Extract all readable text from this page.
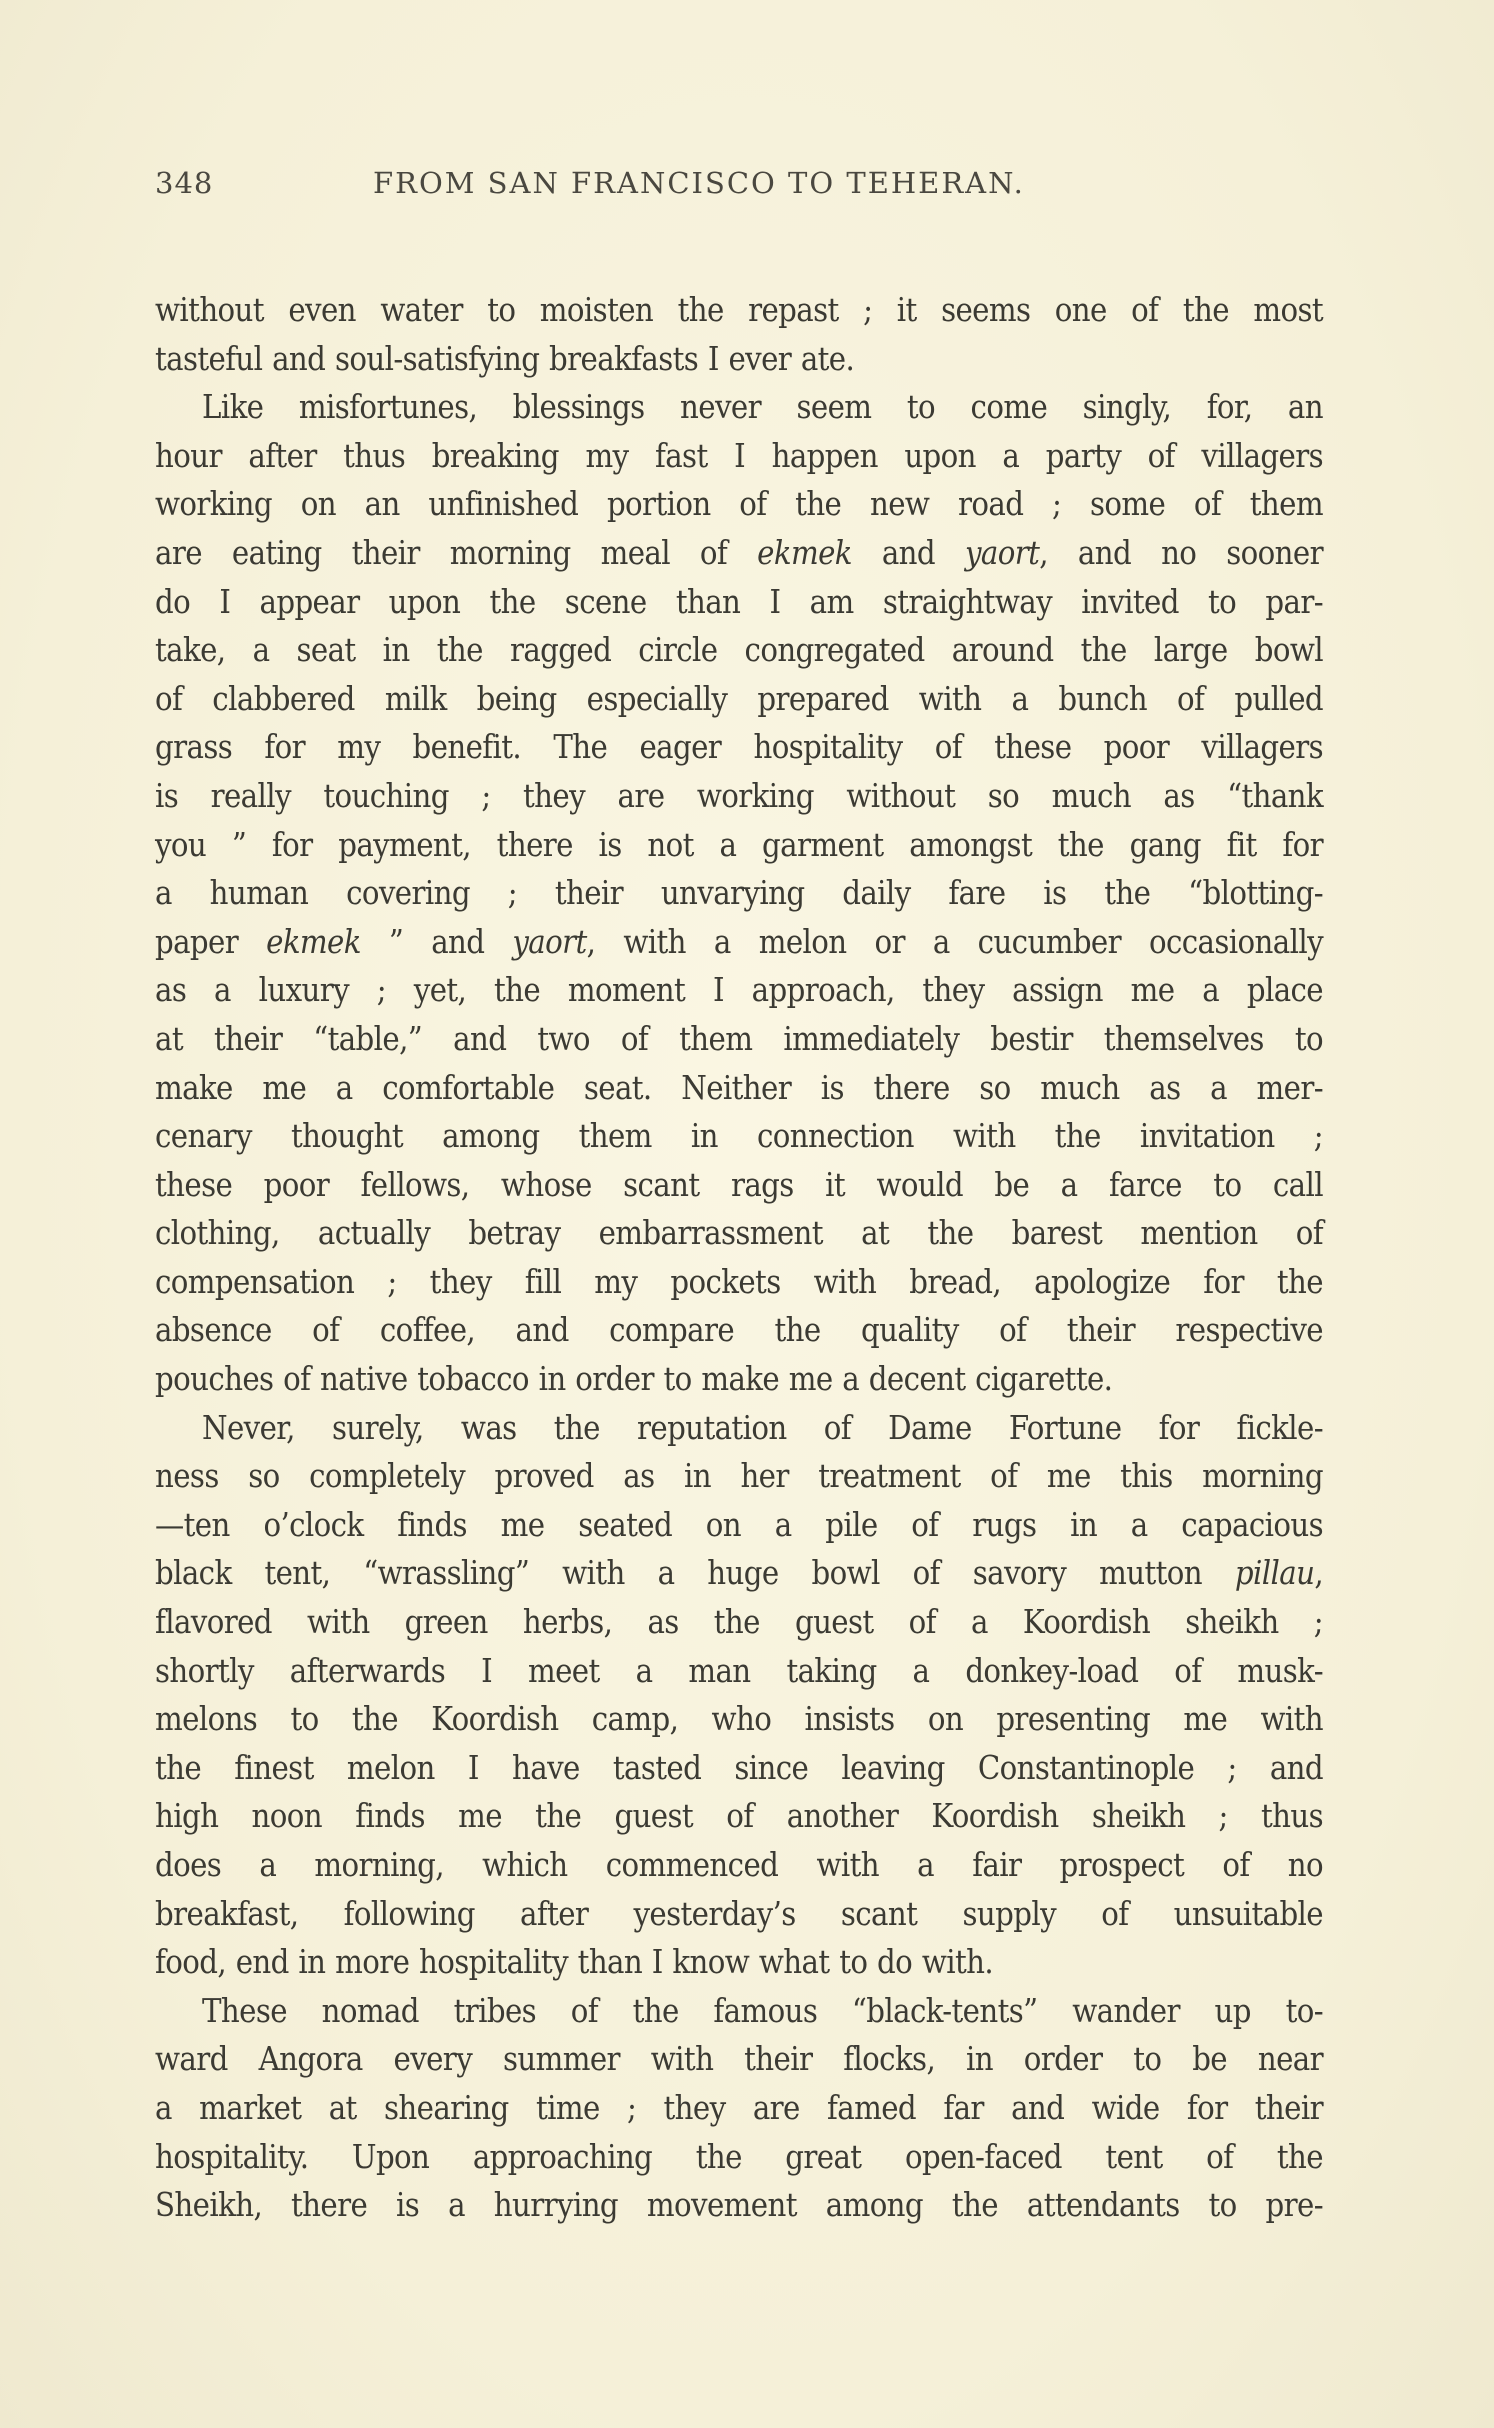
348	FROM SAN FRANCISCO TO TEHERAN.
without even water to moisten the repast ; it seems one of the most
tasteful and soul-satisfying breakfasts I ever ate.
Like misfortunes, blessings never seem to come singly, for, an
hour after thus breaking my fast I happen upon a party of villagers
working on an unfinished portion of the new road ; some of them
are eating their morning meal of ekmek and yaort, and no sooner
do I appear upon the scene than I am straightway invited to par-
take, a seat in the ragged circle congregated around the large bowl
of clabbered milk being especially prepared with a bunch of pulled
grass for my benefit. The eager hospitality of these poor villagers
is really touching ; they are working without so much as “thank
you ” for payment, there is not a garment amongst the gang fit for
a human covering ; their unvarying daily fare is the “blotting-
paper ekmek ” and yaort, with a melon or a cucumber occasionally
as a luxury ; yet, the moment I approach, they assign me a place
at their “table,” and two of them immediately bestir themselves to
make me a comfortable seat. Neither is there so much as a mer-
cenary thought among them in connection with the invitation ;
these poor fellows, whose scant rags it would be a farce to call
clothing, actually betray embarrassment at the barest mention of
compensation ; they fill my pockets with bread, apologize for the
absence of coffee, and compare the quality of their respective
pouches of native tobacco in order to make me a decent cigarette.
Never, surely, was the reputation of Dame Fortune for fickle-
ness so completely proved as in her treatment of me this morning
—ten o’clock finds me seated on a pile of rugs in a capacious
black tent, “wrassling” with a huge bowl of savory mutton pillau,
flavored with green herbs, as the guest of a Koordish sheikh ;
shortly afterwards I meet a man taking a donkey-load of musk-
melons to the Koordish camp, who insists on presenting me with
the finest melon I have tasted since leaving Constantinople ; and
high noon finds me the guest of another Koordish sheikh ; thus
does a morning, which commenced with a fair prospect of no
breakfast, following after yesterday’s scant supply of unsuitable
food, end in more hospitality than I know what to do with.
These nomad tribes of the famous “black-tents” wander up to-
ward Angora every summer with their flocks, in order to be near
a market at shearing time ; they are famed far and wide for their
hospitality. Upon approaching the great open-faced tent of the
Sheikh, there is a hurrying movement among the attendants to pre-
